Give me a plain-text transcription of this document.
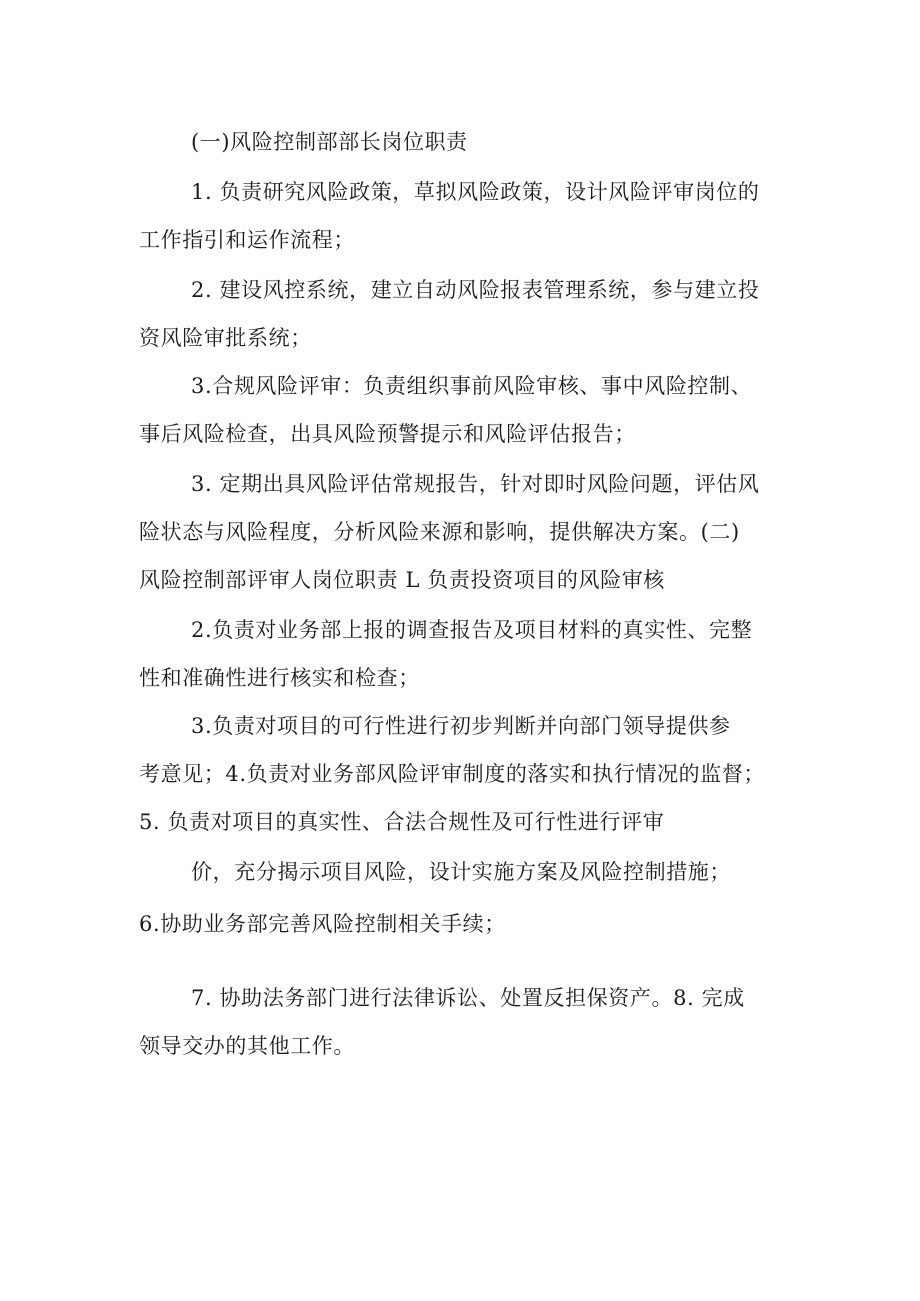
(一)风险控制部部长岗位职责
1. 负责研究风险政策，草拟风险政策，设计风险评审岗位的
工作指引和运作流程；
2. 建设风控系统，建立自动风险报表管理系统，参与建立投
资风险审批系统；
3.合规风险评审：负责组织事前风险审核、事中风险控制、
事后风险检查，出具风险预警提示和风险评估报告；
3. 定期出具风险评估常规报告，针对即时风险问题，评估风
险状态与风险程度，分析风险来源和影响，提供解决方案。(二)
风险控制部评审人岗位职责 L 负责投资项目的风险审核
2.负责对业务部上报的调查报告及项目材料的真实性、完整
性和准确性进行核实和检查；
3.负责对项目的可行性进行初步判断并向部门领导提供参
考意见；4.负责对业务部风险评审制度的落实和执行情况的监督；
5. 负责对项目的真实性、合法合规性及可行性进行评审
价，充分揭示项目风险，设计实施方案及风险控制措施；
6.协助业务部完善风险控制相关手续；
7. 协助法务部门进行法律诉讼、处置反担保资产。8. 完成
领导交办的其他工作。
